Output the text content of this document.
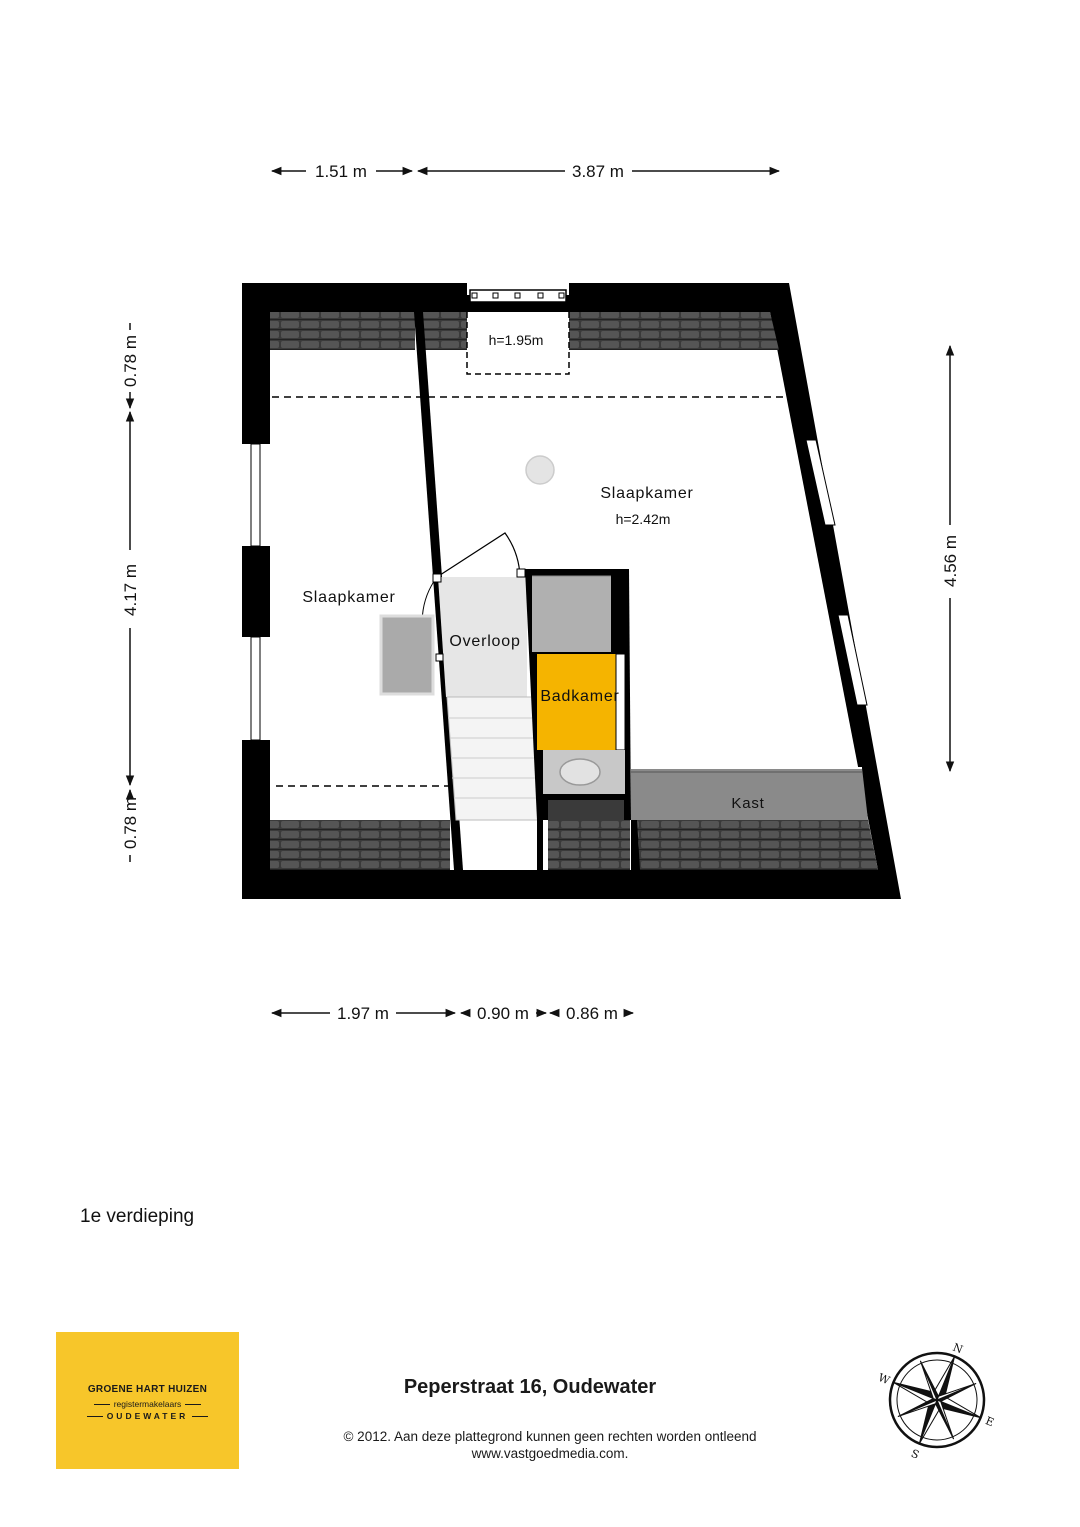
1.51 m	3.87 m
1.97 m	0.90 m 0.86 m
0.78 m
4.17 m
0.78 m
4.56 m
h=1.95m
Slaapkamer
h=2.42m
Slaapkamer
Overloop
Badkamer
Kast
N
E
S
W
1e verdieping
GROENE HART HUIZEN
registermakelaars
OUDEWATER
Peperstraat 16, Oudewater
© 2012. Aan deze plattegrond kunnen geen rechten worden ontleend
www.vastgoedmedia.com.
